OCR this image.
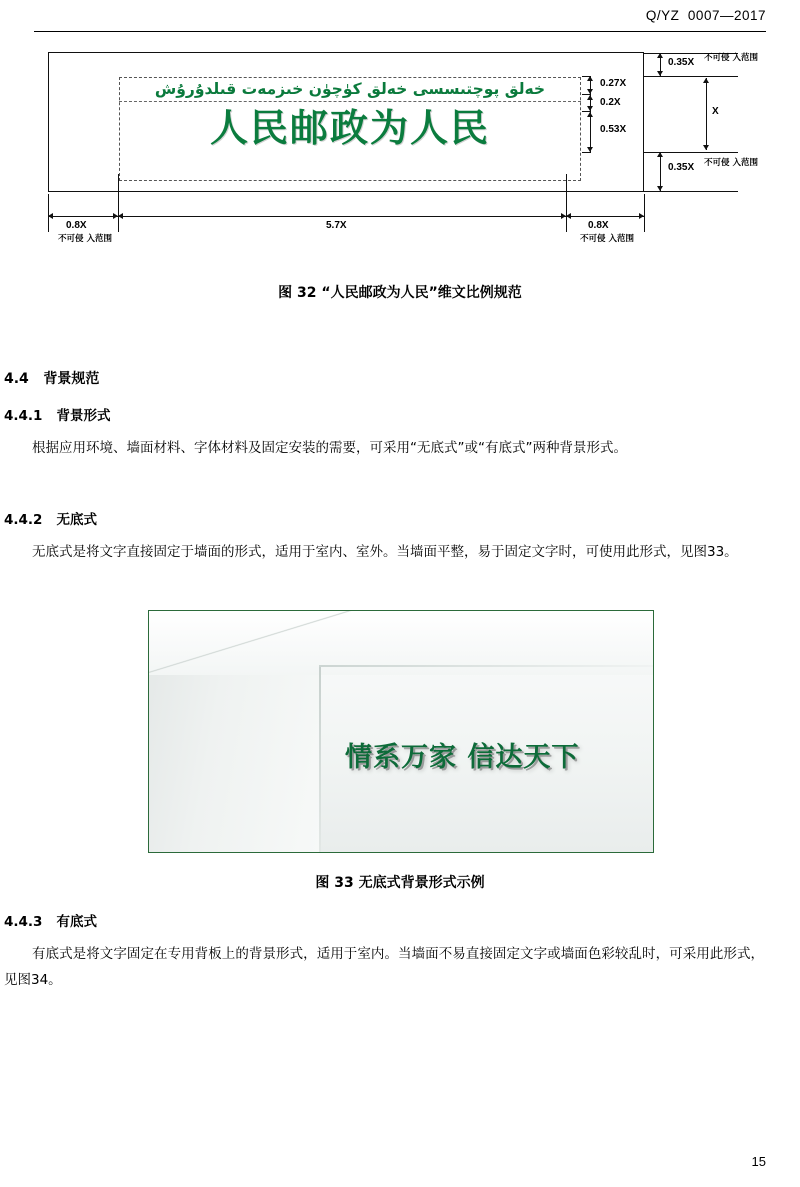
Q/YZ  0007—2017
خەلق پوچتىسسى خەلق كۈچۈن خىزمەت قىلدۇرۇش
人民邮政为人民
0.27X
0.2X
0.53X
0.35X 不可侵 入范围
0.35X 不可侵 入范围
X
0.8X
不可侵 入范围
5.7X	0.8X
不可侵 入范围
图 32 “人民邮政为人民”维文比例规范
4.4   背景规范
4.4.1   背景形式
根据应用环境、墙面材料、字体材料及固定安装的需要，可采用“无底式”或“有底式”两种背景形式。
4.4.2   无底式
无底式是将文字直接固定于墙面的形式，适用于室内、室外。当墙面平整，易于固定文字时，可使用此形式，见图33。
情系万家 信达天下
图 33 无底式背景形式示例
4.4.3   有底式
有底式是将文字固定在专用背板上的背景形式，适用于室内。当墙面不易直接固定文字或墙面色彩较乱时，可采用此形式，见图34。
15
